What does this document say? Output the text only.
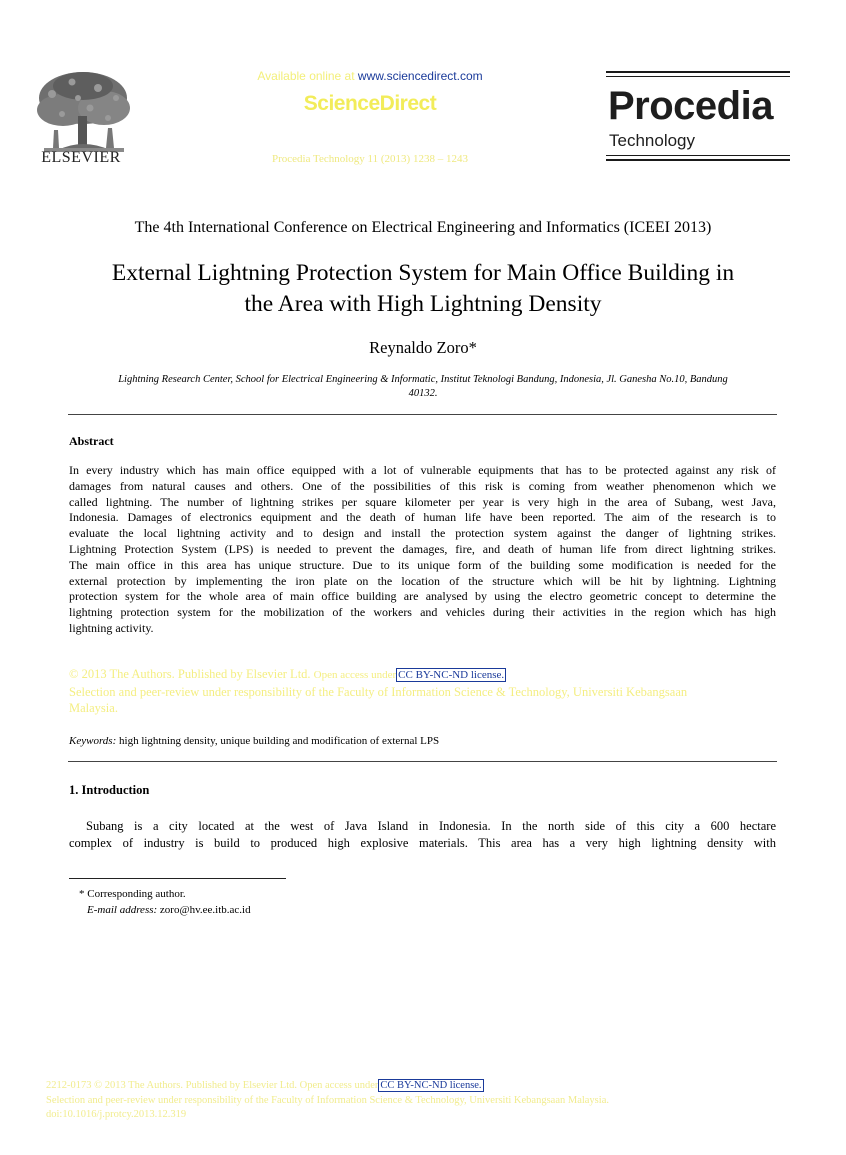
ELSEVIER
Available online at www.sciencedirect.com
ScienceDirect
Procedia Technology 11 (2013) 1238 – 1243
Procedia
Technology
The 4th International Conference on Electrical Engineering and Informatics (ICEEI 2013)
External Lightning Protection System for Main Office Building in
the Area with High Lightning Density
Reynaldo Zoro*
Lightning Research Center, School for Electrical Engineering & Informatic, Institut Teknologi Bandung, Indonesia, Jl. Ganesha No.10, Bandung
40132.
Abstract
In every industry which has main office equipped with a lot of vulnerable equipments that has to be protected against any risk of
damages from natural causes and others. One of the possibilities of this risk is coming from weather phenomenon which we
called lightning. The number of lightning strikes per square kilometer per year is very high in the area of Subang, west Java,
Indonesia. Damages of electronics equipment and the death of human life have been reported. The aim of the research is to
evaluate the local lightning activity and to design and install the protection system against the danger of lightning strikes.
Lightning Protection System (LPS) is needed to prevent the damages, fire, and death of human life from direct lightning strikes.
The main office in this area has unique structure. Due to its unique form of the building some modification is needed for the
external protection by implementing the iron plate on the location of the structure which will be hit by lightning. Lightning
protection system for the whole area of main office building are analysed by using the electro geometric concept to determine the
lightning protection system for the mobilization of the workers and vehicles during their activities in the region which has high
lightning activity.
© 2013 The Authors. Published by Elsevier Ltd. Open access under CC BY-NC-ND license.
Selection and peer-review under responsibility of the Faculty of Information Science & Technology, Universiti Kebangsaan
Malaysia.
Keywords: high lightning density, unique building and modification of external LPS
1. Introduction
Subang is a city located at the west of Java Island in Indonesia. In the north side of this city a 600 hectare
complex of industry is build to produced high explosive materials. This area has a very high lightning density with
* Corresponding author.
E-mail address: zoro@hv.ee.itb.ac.id
2212-0173 © 2013 The Authors. Published by Elsevier Ltd. Open access under CC BY-NC-ND license.
Selection and peer-review under responsibility of the Faculty of Information Science & Technology, Universiti Kebangsaan Malaysia.
doi:10.1016/j.protcy.2013.12.319
